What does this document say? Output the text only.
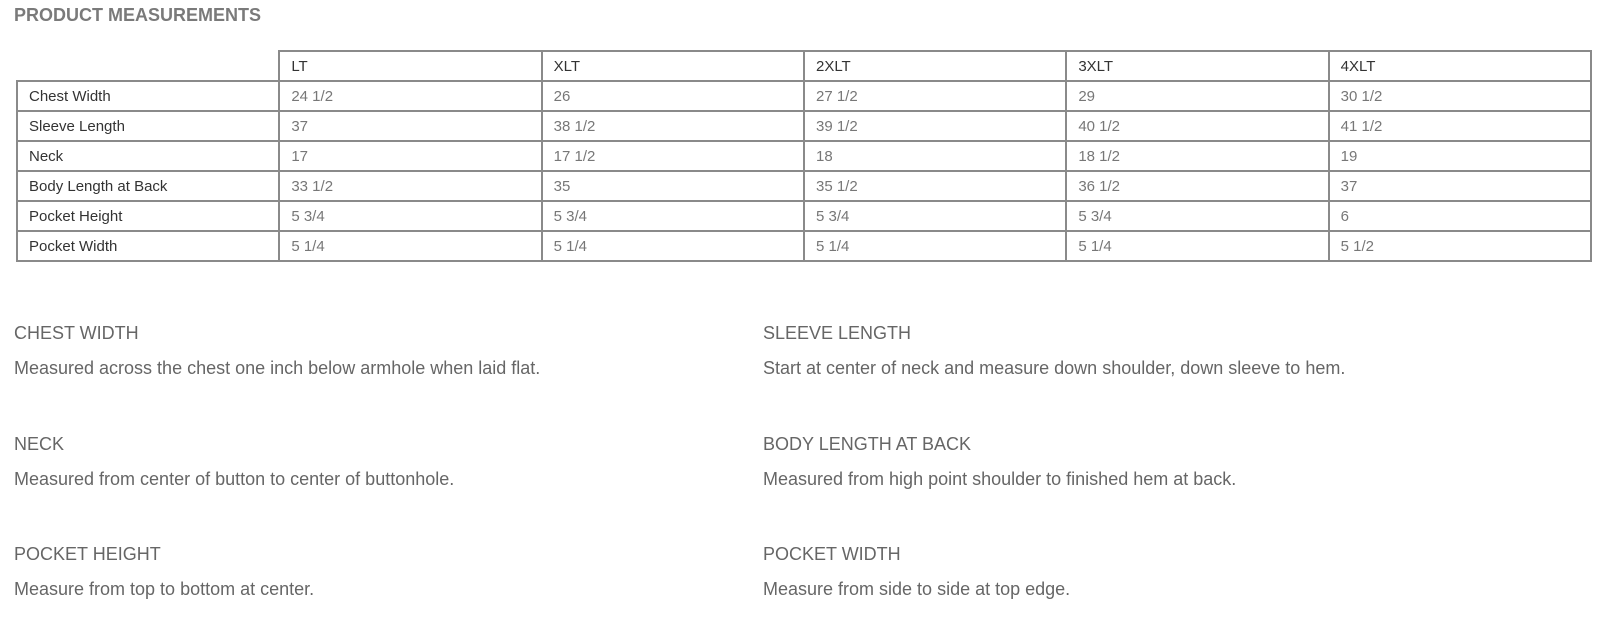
PRODUCT MEASUREMENTS
	LT	XLT	2XLT	3XLT	4XLT
Chest Width	24 1/2	26	27 1/2	29	30 1/2
Sleeve Length	37	38 1/2	39 1/2	40 1/2	41 1/2
Neck	17	17 1/2	18	18 1/2	19
Body Length at Back	33 1/2	35	35 1/2	36 1/2	37
Pocket Height	5 3/4	5 3/4	5 3/4	5 3/4	6
Pocket Width	5 1/4	5 1/4	5 1/4	5 1/4	5 1/2
CHEST WIDTH
Measured across the chest one inch below armhole when laid flat.
SLEEVE LENGTH
Start at center of neck and measure down shoulder, down sleeve to hem.
NECK
Measured from center of button to center of buttonhole.
BODY LENGTH AT BACK
Measured from high point shoulder to finished hem at back.
POCKET HEIGHT
Measure from top to bottom at center.
POCKET WIDTH
Measure from side to side at top edge.
